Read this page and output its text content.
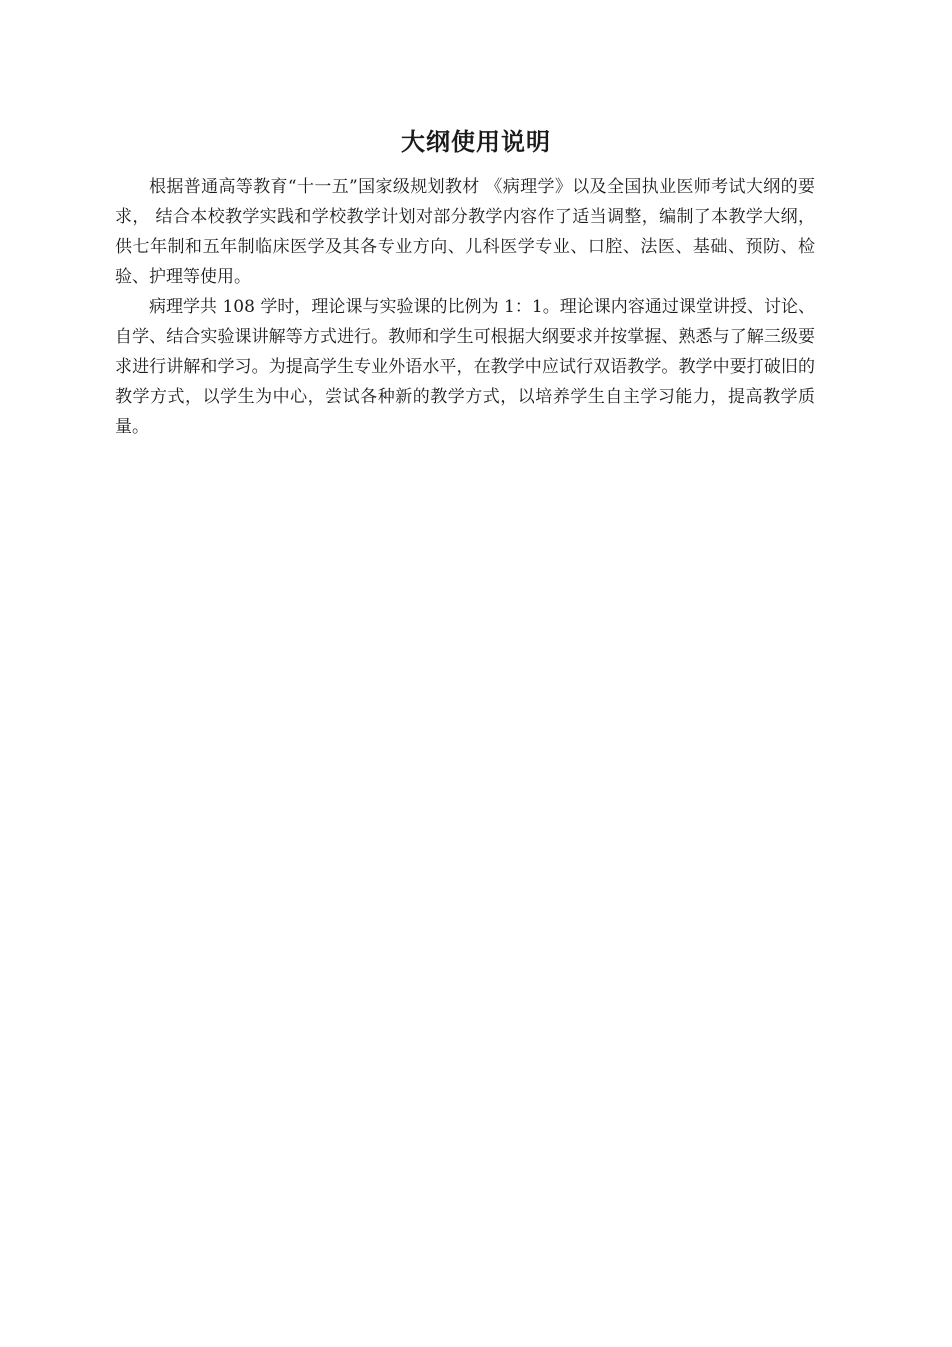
大纲使用说明

根据普通高等教育“十一五”国家级规划教材 《病理学》以及全国执业医师考试大纲的要求， 结合本校教学实践和学校教学计划对部分教学内容作了适当调整，编制了本教学大纲，供七年制和五年制临床医学及其各专业方向、儿科医学专业、口腔、法医、基础、预防、检验、护理等使用。

病理学共 108 学时，理论课与实验课的比例为 1：1。理论课内容通过课堂讲授、讨论、自学、结合实验课讲解等方式进行。教师和学生可根据大纲要求并按掌握、熟悉与了解三级要求进行讲解和学习。为提高学生专业外语水平，在教学中应试行双语教学。教学中要打破旧的教学方式，以学生为中心，尝试各种新的教学方式，以培养学生自主学习能力，提高教学质量。
